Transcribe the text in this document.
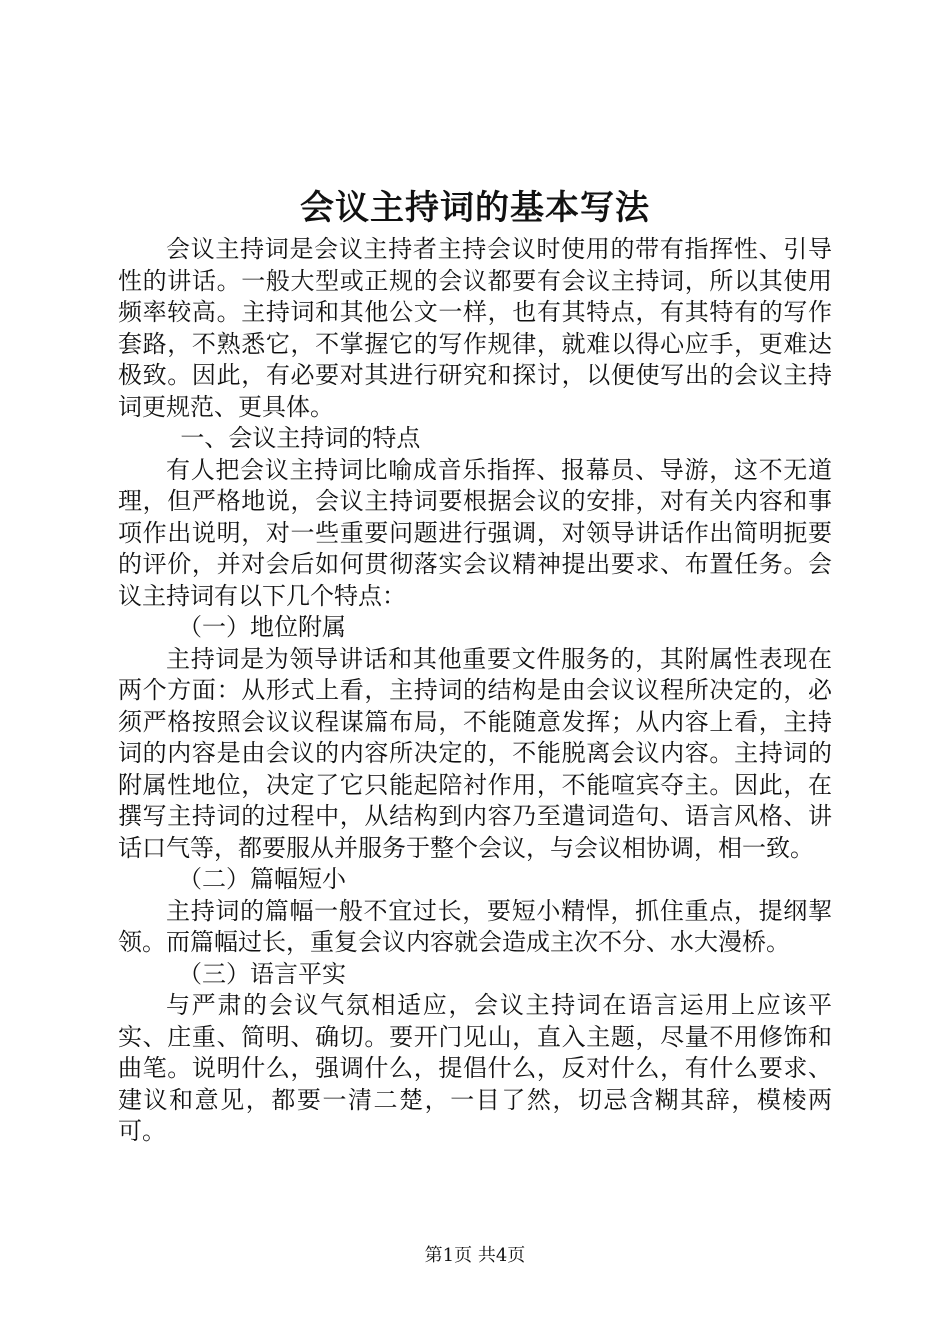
会议主持词的基本写法

会议主持词是会议主持者主持会议时使用的带有指挥性、引导性的讲话。一般大型或正规的会议都要有会议主持词，所以其使用频率较高。主持词和其他公文一样，也有其特点，有其特有的写作套路，不熟悉它，不掌握它的写作规律，就难以得心应手，更难达极致。因此，有必要对其进行研究和探讨，以便使写出的会议主持词更规范、更具体。

一、会议主持词的特点

有人把会议主持词比喻成音乐指挥、报幕员、导游，这不无道理，但严格地说，会议主持词要根据会议的安排，对有关内容和事项作出说明，对一些重要问题进行强调，对领导讲话作出简明扼要的评价，并对会后如何贯彻落实会议精神提出要求、布置任务。会议主持词有以下几个特点：

（一）地位附属

主持词是为领导讲话和其他重要文件服务的，其附属性表现在两个方面：从形式上看，主持词的结构是由会议议程所决定的，必须严格按照会议议程谋篇布局，不能随意发挥；从内容上看，主持词的内容是由会议的内容所决定的，不能脱离会议内容。主持词的附属性地位，决定了它只能起陪衬作用，不能喧宾夺主。因此，在撰写主持词的过程中，从结构到内容乃至遣词造句、语言风格、讲话口气等，都要服从并服务于整个会议，与会议相协调，相一致。

（二）篇幅短小

主持词的篇幅一般不宜过长，要短小精悍，抓住重点，提纲挈领。而篇幅过长，重复会议内容就会造成主次不分、水大漫桥。

（三）语言平实

与严肃的会议气氛相适应，会议主持词在语言运用上应该平实、庄重、简明、确切。要开门见山，直入主题，尽量不用修饰和曲笔。说明什么，强调什么，提倡什么，反对什么，有什么要求、建议和意见，都要一清二楚，一目了然，切忌含糊其辞，模棱两可。

第1页 共4页
